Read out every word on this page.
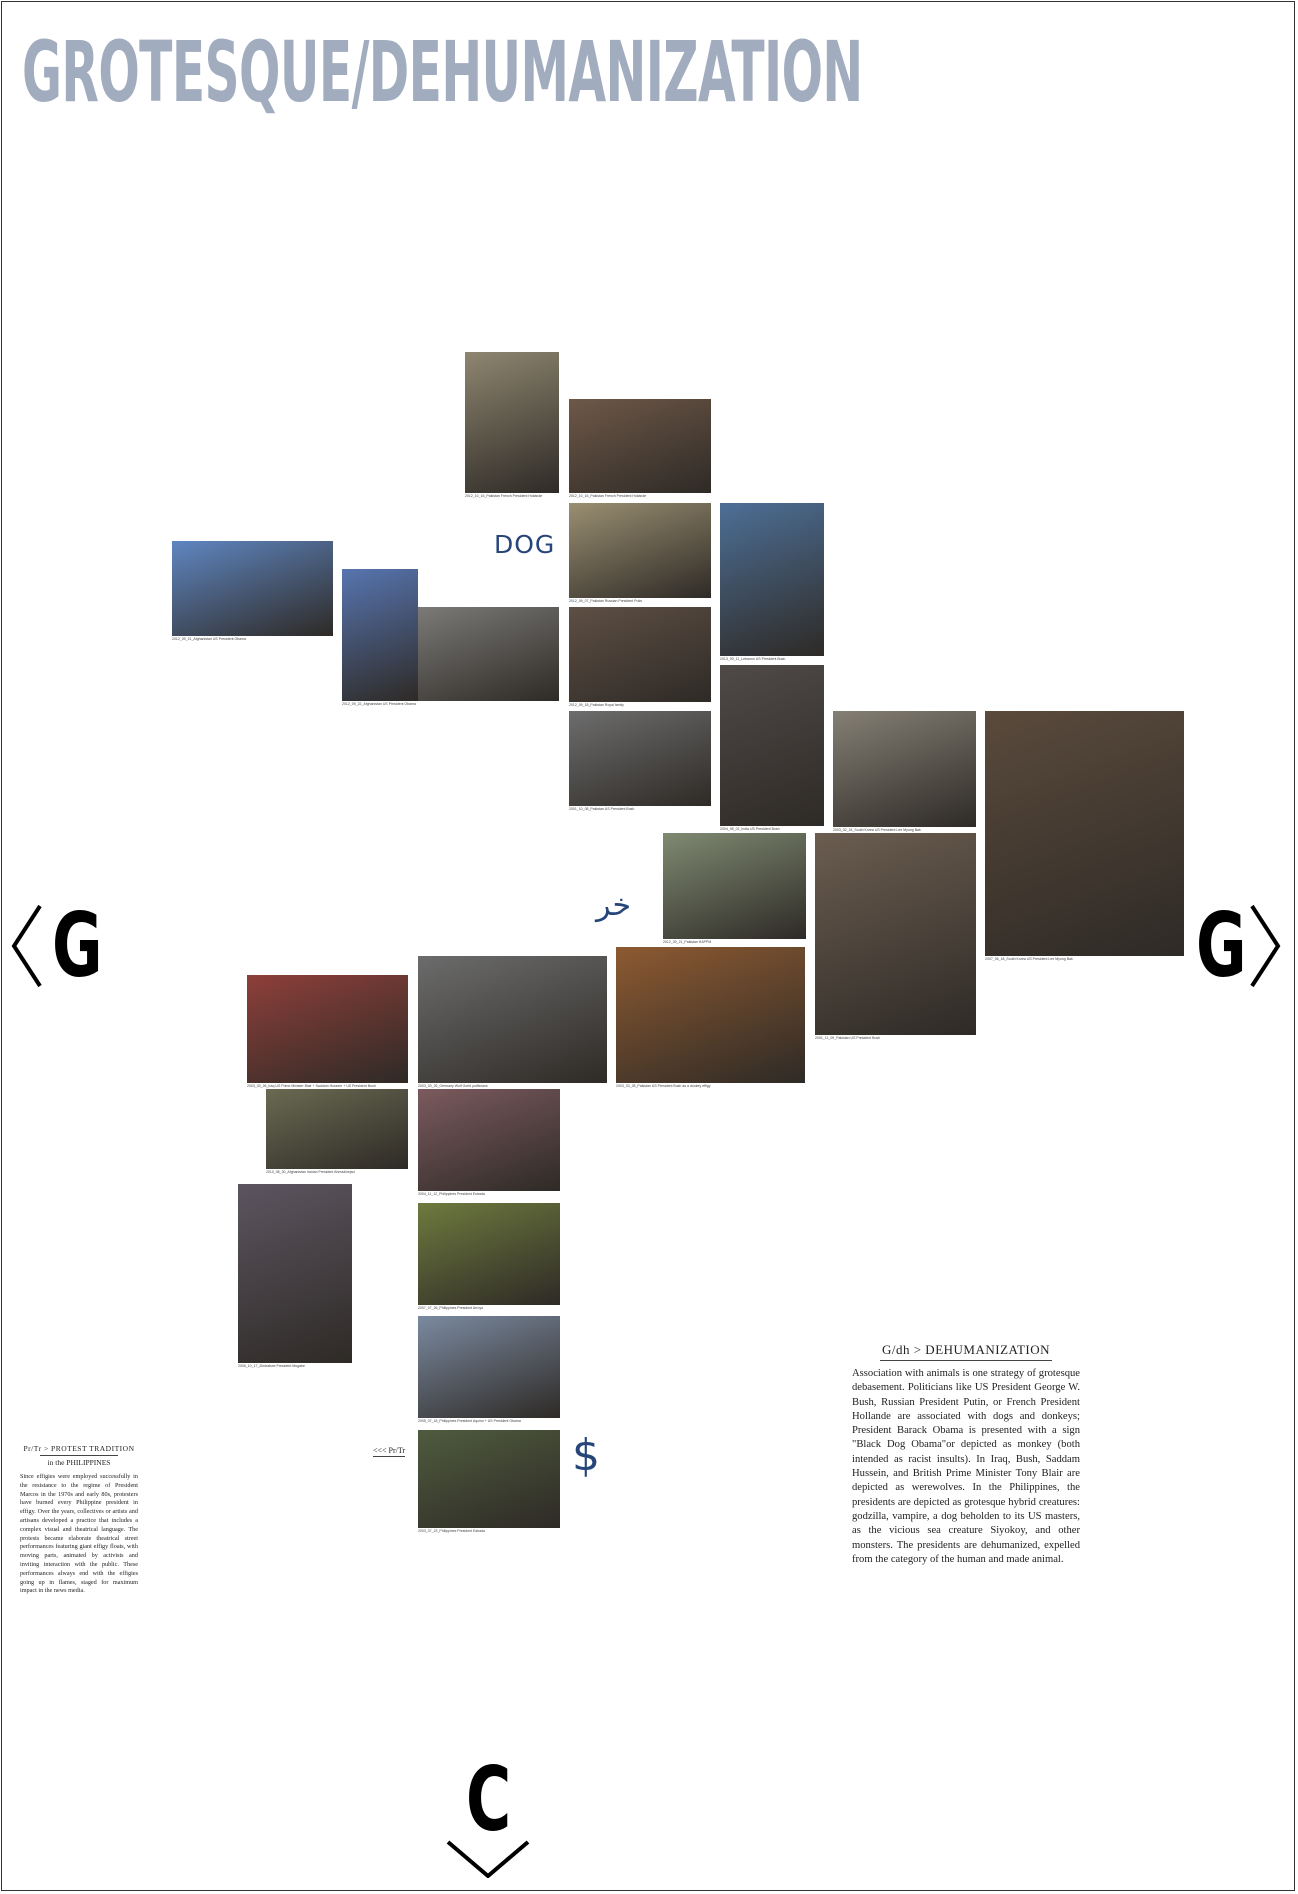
GROTESQUE/DEHUMANIZATION
2012_10_16_Pakistan French President Hollande	2012_10_16_Pakistan French President Hollande
2012_09_07_Pakistan Russian President Putin
2013_09_11_Lebanon US President Bush
2012_09_21_Afghanistan US President Obama
2012_09_22_Afghanistan US President Obama	2012_09_18_Pakistan Royal family
2004_08_02_India US President Bush
2001_10_08_Pakistan US President Bush
2003_02_24_South Korea US President Lee Myung Bak
2007_06_18_South Korea US President Lee Myung Bak
2012_09_21_Pakistan HAPPM
2001_11_09_Pakistan US President Bush
2003_03_28_Pakistan US President Bush as a donkey effigy
2003_03_26_Iraq US Prime Minister Blair + Saddam Hussein + US President Bush	2003_03_25_Germany Wolf Gorbi politicians
2010_08_30_Afghanistan Iranian President Ahmadinejad
2004_11_12_Philippines President Estrada
2006_10_17_Zimbabwe President Mugabe
2007_07_26_Philippines President Arroyo
2005_07_18_Philippines President Aquino + US President Obama
2003_07_23_Philippines President Estrada
DOG
خر
$
G	G
C
Pr/Tr > PROTEST TRADITION
in the PHILIPPINES

Since effigies were employed successfully in the resistance to the regime of President Marcos in the 1970s and early 80s, protesters have burned every Philippine president in effigy. Over the years, collectives or artists and artisans developed a practice that includes a complex visual and theatrical language. The protests became elaborate theatrical street performances featuring giant effigy floats, with moving parts, animated by activists and inviting interaction with the public. These performances always end with the effigies going up in flames, staged for maximum impact in the news media.

<<< Pr/Tr
G/dh > DEHUMANIZATION

Association with animals is one strategy of grotesque debasement. Politicians like US President George W. Bush, Russian President Putin, or French President Hollande are associated with dogs and donkeys; President Barack Obama is presented with a sign "Black Dog Obama"or depicted as monkey (both intended as racist insults). In Iraq, Bush, Saddam Hussein, and British Prime Minister Tony Blair are depicted as werewolves. In the Philippines, the presidents are depicted as grotesque hybrid creatures: godzilla, vampire, a dog beholden to its US masters, as the vicious sea creature Siyokoy, and other monsters. The presidents are dehumanized, expelled from the category of the human and made animal.
